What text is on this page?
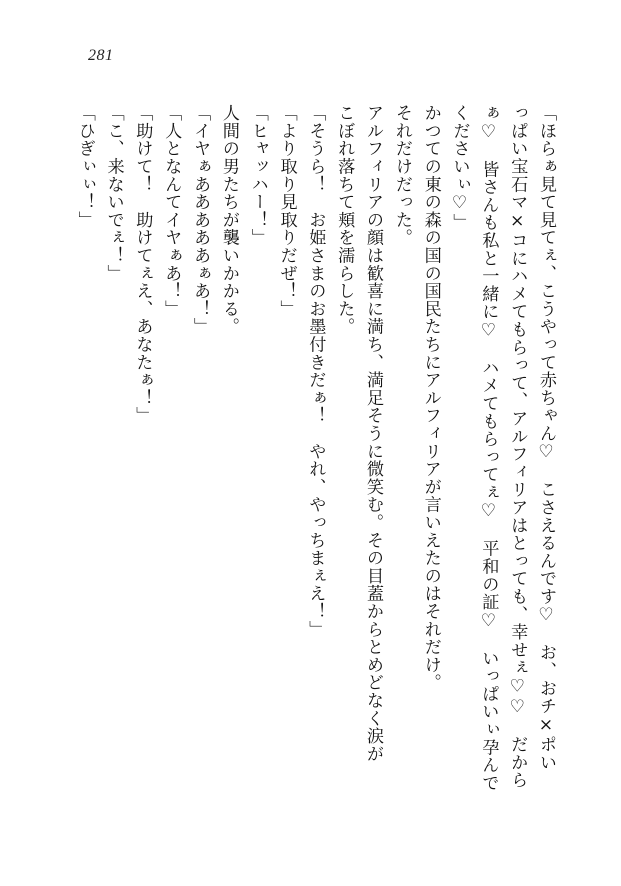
281
「ほらぁ見て見てぇ、こうやって赤ちゃん♡　こさえるんです♡　お、おチ×ポい
っぱい宝石マ×コにハメてもらって、アルフィリアはとっても、幸せぇ♡♡　だから
ぁ♡　皆さんも私と一緒に♡　ハメてもらってぇ♡　平和の証♡　いっぱいぃ孕んで
くださいぃ♡」
かつての東の森の国の国民たちにアルフィリアが言いえたのはそれだけ。
それだけだった。
アルフィリアの顔は歓喜に満ち、満足そうに微笑む。その目蓋からとめどなく涙が
こぼれ落ちて頬を濡らした。
「そうら！　お姫さまのお墨付きだぁ！　やれ、やっちまぇえ！」
「より取り見取りだぜ！」
「ヒャッハー！」
人間の男たちが襲いかかる。
「イヤぁあああああぁあ！」
「人となんてイヤぁあ！」
「助けて！　助けてぇえ、あなたぁ！」
「こ、来ないでぇ！」
「ひぎぃぃ！」
